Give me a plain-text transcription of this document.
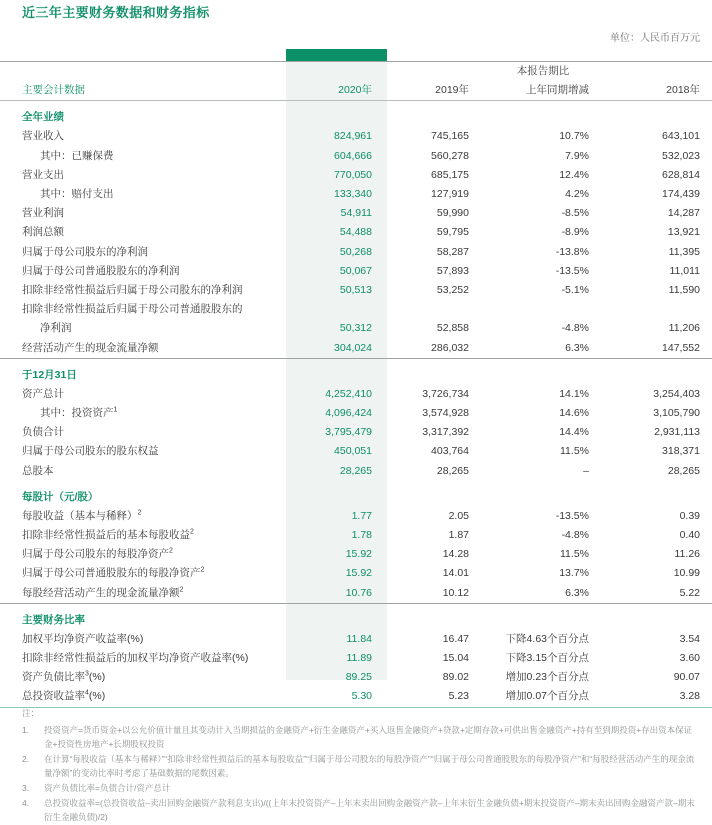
近三年主要财务数据和财务指标
单位：人民币百万元
			本报告期比	
主要会计数据	2020年	2019年	上年同期增减	2018年
全年业绩				
营业收入	824,961	745,165	10.7%	643,101
其中：已赚保费	604,666	560,278	7.9%	532,023
营业支出	770,050	685,175	12.4%	628,814
其中：赔付支出	133,340	127,919	4.2%	174,439
营业利润	54,911	59,990	-8.5%	14,287
利润总额	54,488	59,795	-8.9%	13,921
归属于母公司股东的净利润	50,268	58,287	-13.8%	11,395
归属于母公司普通股股东的净利润	50,067	57,893	-13.5%	11,011
扣除非经常性损益后归属于母公司股东的净利润	50,513	53,252	-5.1%	11,590
扣除非经常性损益后归属于母公司普通股股东的				
净利润	50,312	52,858	-4.8%	11,206
经营活动产生的现金流量净额	304,024	286,032	6.3%	147,552
于12月31日				
资产总计	4,252,410	3,726,734	14.1%	3,254,403
其中：投资资产$^1$	4,096,424	3,574,928	14.6%	3,105,790
负债合计	3,795,479	3,317,392	14.4%	2,931,113
归属于母公司股东的股东权益	450,051	403,764	11.5%	318,371
总股本	28,265	28,265	–	28,265
每股计（元/股）				
每股收益（基本与稀释）$^2$	1.77	2.05	-13.5%	0.39
扣除非经常性损益后的基本每股收益$^2$	1.78	1.87	-4.8%	0.40
归属于母公司股东的每股净资产$^2$	15.92	14.28	11.5%	11.26
归属于母公司普通股股东的每股净资产$^2$	15.92	14.01	13.7%	10.99
每股经营活动产生的现金流量净额$^2$	10.76	10.12	6.3%	5.22
主要财务比率				
加权平均净资产收益率(%)	11.84	16.47	下降4.63个百分点	3.54
扣除非经常性损益后的加权平均净资产收益率(%)	11.89	15.04	下降3.15个百分点	3.60
资产负债比率$^3$(%)	89.25	89.02	增加0.23个百分点	90.07
总投资收益率$^4$(%)	5.30	5.23	增加0.07个百分点	3.28
注：
1.	投资资产=货币资金+以公允价值计量且其变动计入当期损益的金融资产+衍生金融资产+买入返售金融资产+贷款+定期存款+可供出售金融资产+持有至到期投资+存出资本保证金+投资性房地产+长期股权投资
2.	在计算“每股收益（基本与稀释）”“扣除非经常性损益后的基本每股收益”“归属于母公司股东的每股净资产”“归属于母公司普通股股东的每股净资产”和“每股经营活动产生的现金流量净额”的变动比率时考虑了基础数据的尾数因素。
3.	资产负债比率=负债合计/资产总计
4.	总投资收益率=(总投资收益–卖出回购金融资产款利息支出)/((上年末投资资产–上年末卖出回购金融资产款–上年末衍生金融负债+期末投资资产–期末卖出回购金融资产款–期末衍生金融负债)/2)
